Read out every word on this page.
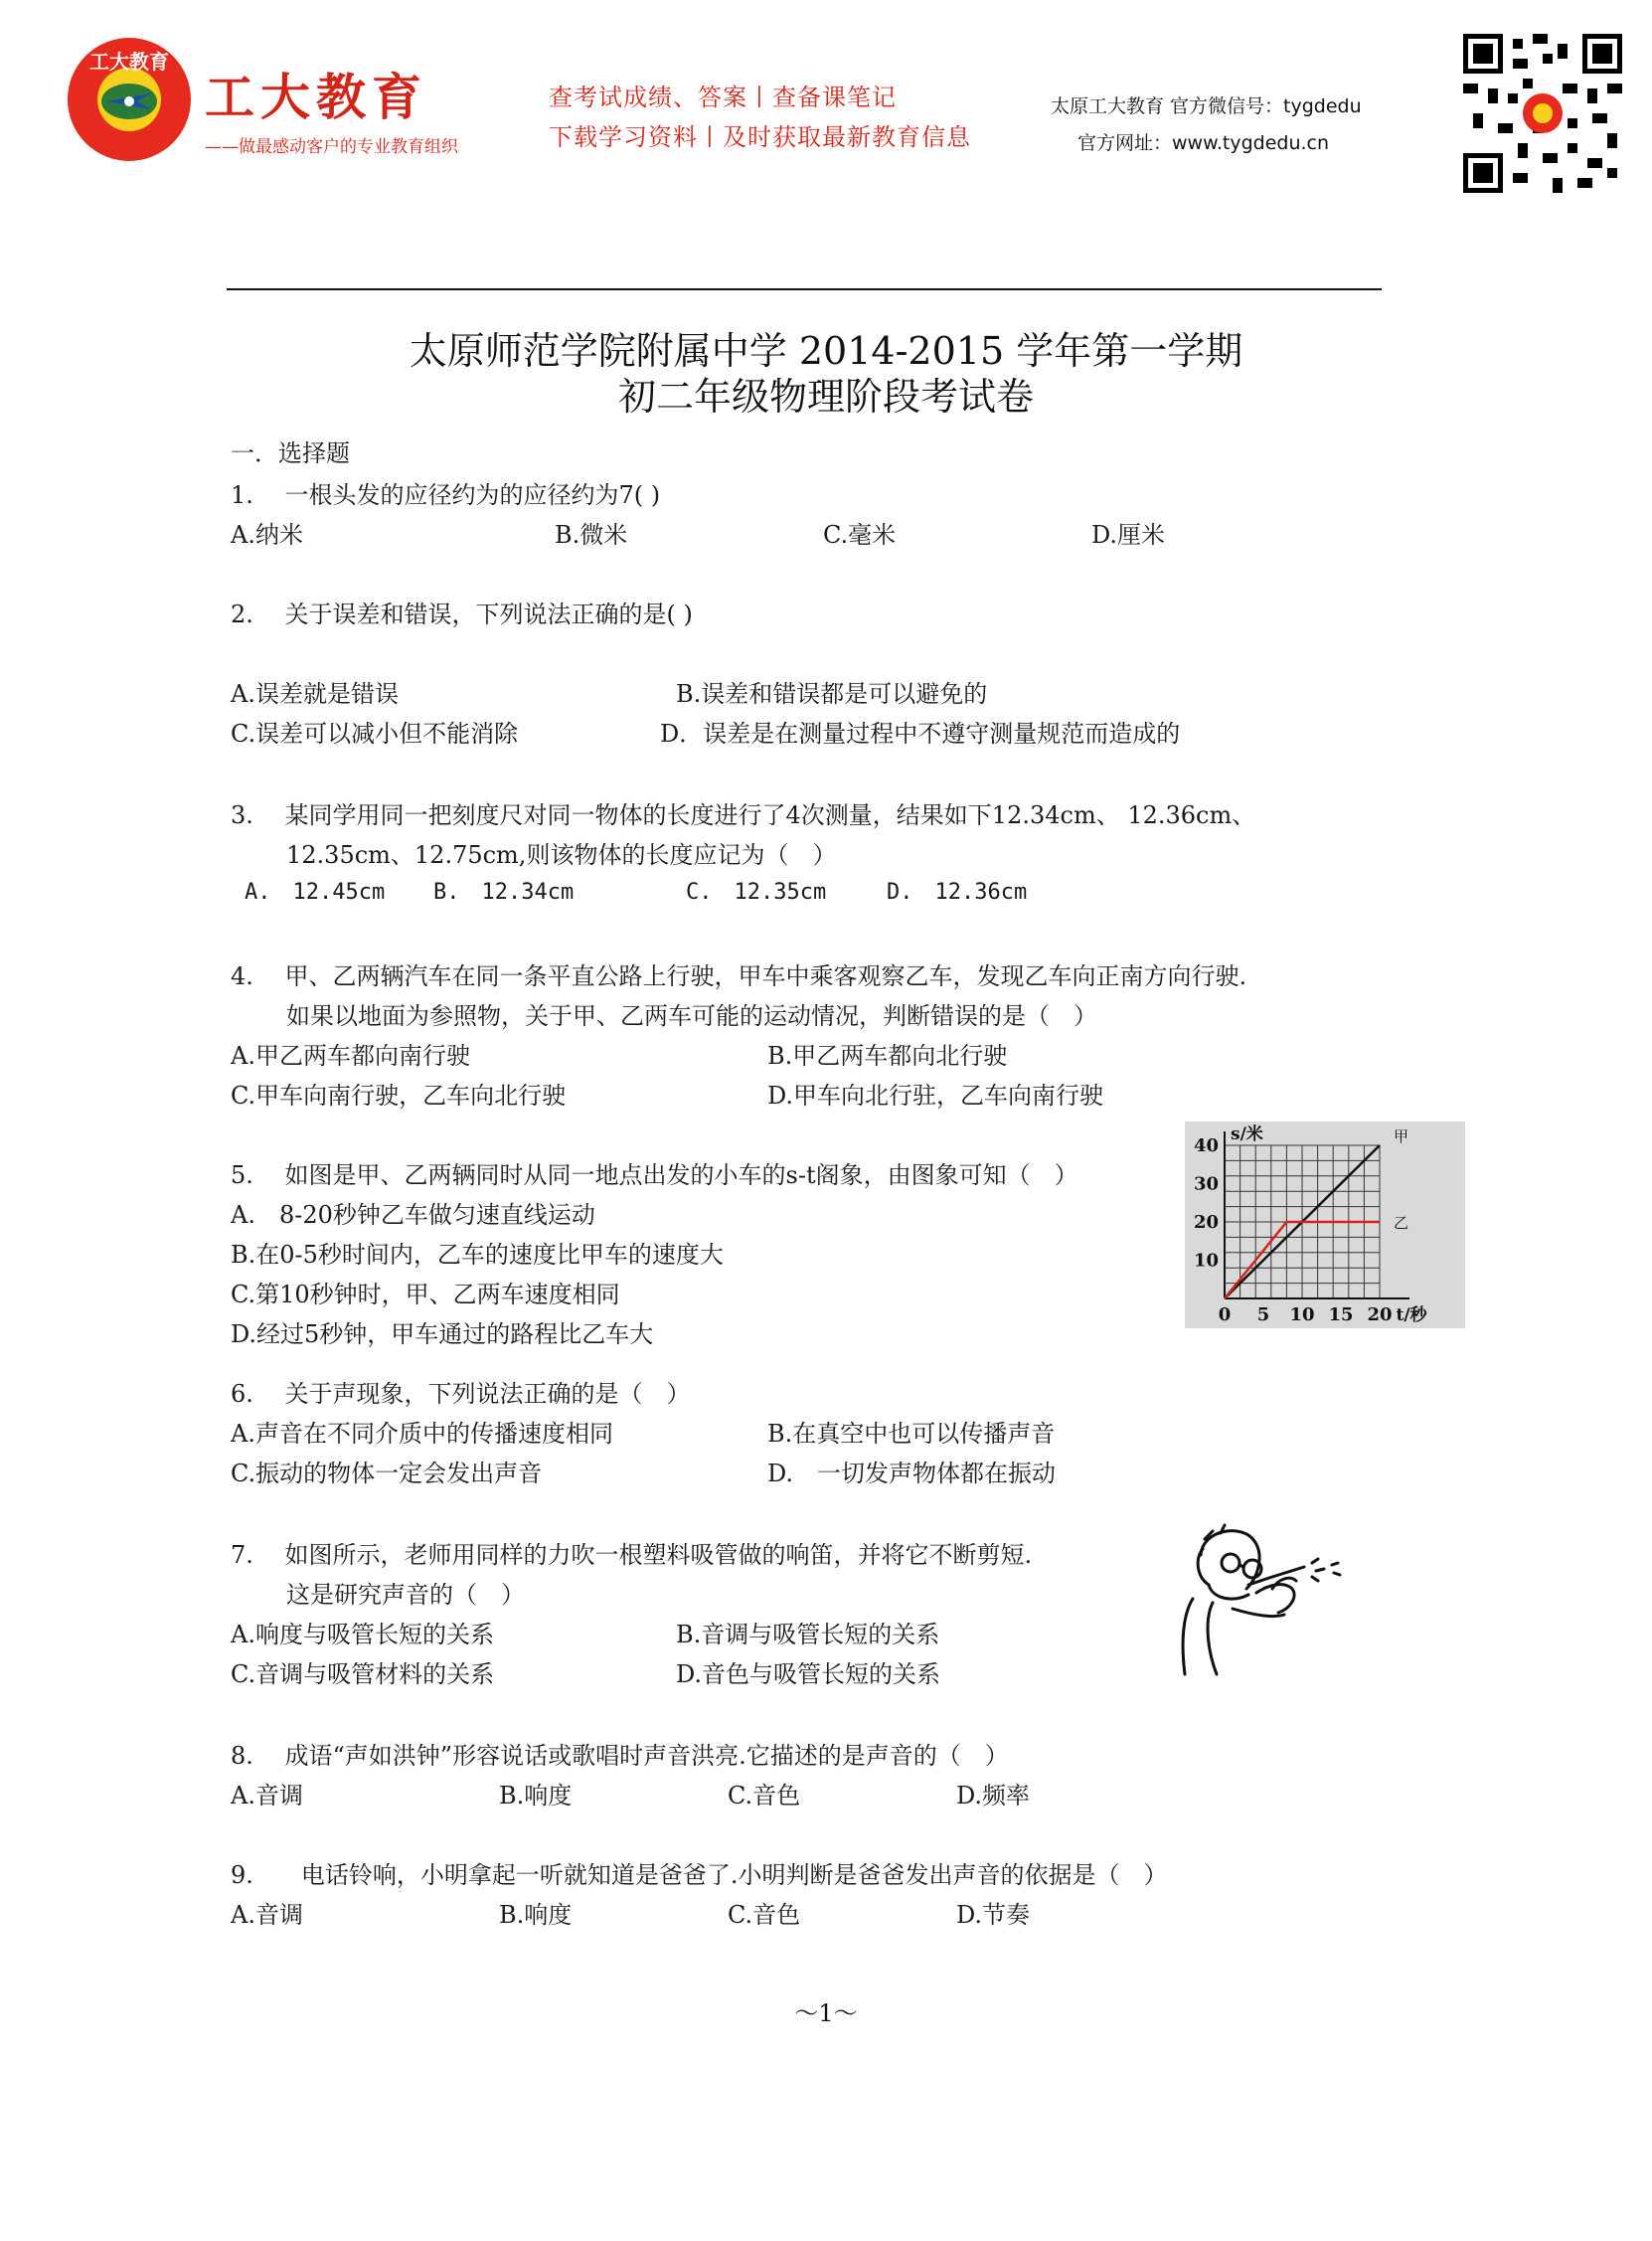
工大教育
工大教育
——做最感动客户的专业教育组织
查考试成绩、答案丨查备课笔记
下载学习资料丨及时获取最新教育信息
太原工大教育 官方微信号：tygdedu
官方网址：www.tygdedu.cn
太原师范学院附属中学 2014-2015 学年第一学期
初二年级物理阶段考试卷
一．选择题
1.　 一根头发的应径约为的应径约为7( )
A.纳米	B.微米	C.毫米	D.厘米
2.　 关于误差和错误，下列说法正确的是( )
A.误差就是错误	B.误差和错误都是可以避免的
C.误差可以减小但不能消除	D．误差是在测量过程中不遵守测量规范而造成的
3.　 某同学用同一把刻度尺对同一物体的长度进行了4次测量，结果如下12.34cm、 12.36cm、
12.35cm、12.75cm,则该物体的长度应记为（　）
A.　12.45cm B.　12.34cm	C.　12.35cm	D.　12.36cm
4.　 甲、乙两辆汽车在同一条平直公路上行驶，甲车中乘客观察乙车，发现乙车向正南方向行驶.
如果以地面为参照物，关于甲、乙两车可能的运动情况，判断错误的是（　）
A.甲乙两车都向南行驶	B.甲乙两车都向北行驶
C.甲车向南行驶，乙车向北行驶	D.甲车向北行驻，乙车向南行驶
5.　 如图是甲、乙两辆同时从同一地点出发的小车的s-t阁象，由图象可知（　）
A.　8-20秒钟乙车做匀速直线运动
B.在0-5秒时间内，乙车的速度比甲车的速度大
C.第10秒钟时，甲、乙两车速度相同
D.经过5秒钟，甲车通过的路程比乙车大
甲
乙
0 5 10 15 20
10
20
30
40
t/秒
s/米
6.　 关于声现象，下列说法正确的是（　）
A.声音在不同介质中的传播速度相同	B.在真空中也可以传播声音
C.振动的物体一定会发出声音	D.　一切发声物体都在振动
7.　 如图所示，老师用同样的力吹一根塑料吸管做的响笛，并将它不断剪短.
这是研究声音的（　）
A.响度与吸管长短的关系	B.音调与吸管长短的关系
C.音调与吸管材料的关系	D.音色与吸管长短的关系
8.　 成语“声如洪钟”形容说话或歌唱时声音洪亮.它描述的是声音的（　）
A.音调	B.响度	C.音色	D.频率
9.　　电话铃响，小明拿起一听就知道是爸爸了.小明判断是爸爸发出声音的依据是（　）
A.音调	B.响度	C.音色	D.节奏
～1～
